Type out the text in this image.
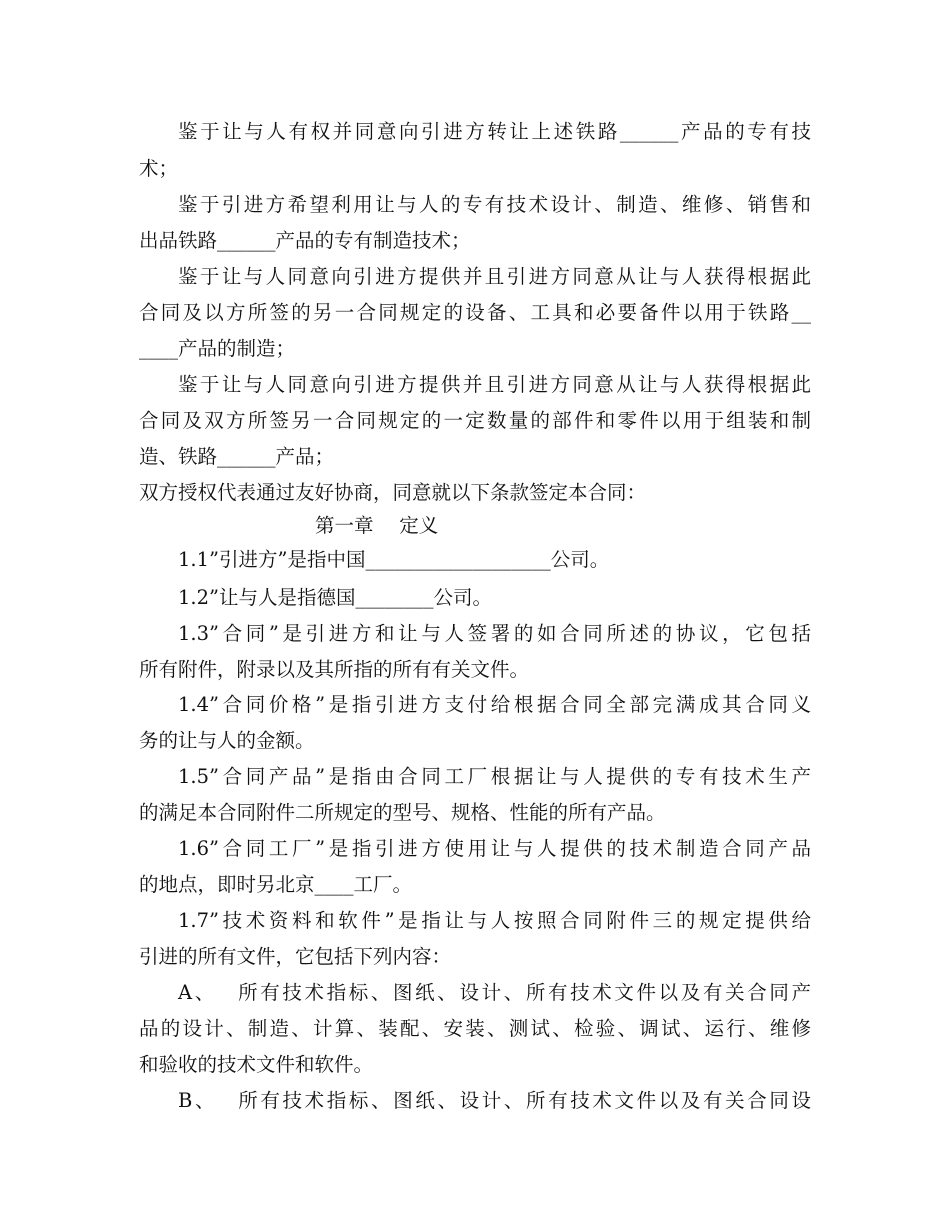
鉴于让与人有权并同意向引进方转让上述铁路______产品的专有技
术；
鉴于引进方希望利用让与人的专有技术设计、制造、维修、销售和
出品铁路______产品的专有制造技术；
鉴于让与人同意向引进方提供并且引进方同意从让与人获得根据此
合同及以方所签的另一合同规定的设备、工具和必要备件以用于铁路__
____产品的制造；
鉴于让与人同意向引进方提供并且引进方同意从让与人获得根据此
合同及双方所签另一合同规定的一定数量的部件和零件以用于组装和制
造、铁路______产品；
双方授权代表通过友好协商，同意就以下条款签定本合同：
第一章　 定义
1.1”引进方”是指中国___________________公司。
1.2”让与人是指德国________公司。
1.3”合同”是引进方和让与人签署的如合同所述的协议，它包括
所有附件，附录以及其所指的所有有关文件。
1.4”合同价格”是指引进方支付给根据合同全部完满成其合同义
务的让与人的金额。
1.5”合同产品”是指由合同工厂根据让与人提供的专有技术生产
的满足本合同附件二所规定的型号、规格、性能的所有产品。
1.6”合同工厂”是指引进方使用让与人提供的技术制造合同产品
的地点，即时另北京____工厂。
1.7”技术资料和软件”是指让与人按照合同附件三的规定提供给
引进的所有文件，它包括下列内容：
A、　 所有技术指标、图纸、设计、所有技术文件以及有关合同产
品的设计、制造、计算、装配、安装、测试、检验、调试、运行、维修
和验收的技术文件和软件。
B、　 所有技术指标、图纸、设计、所有技术文件以及有关合同设
